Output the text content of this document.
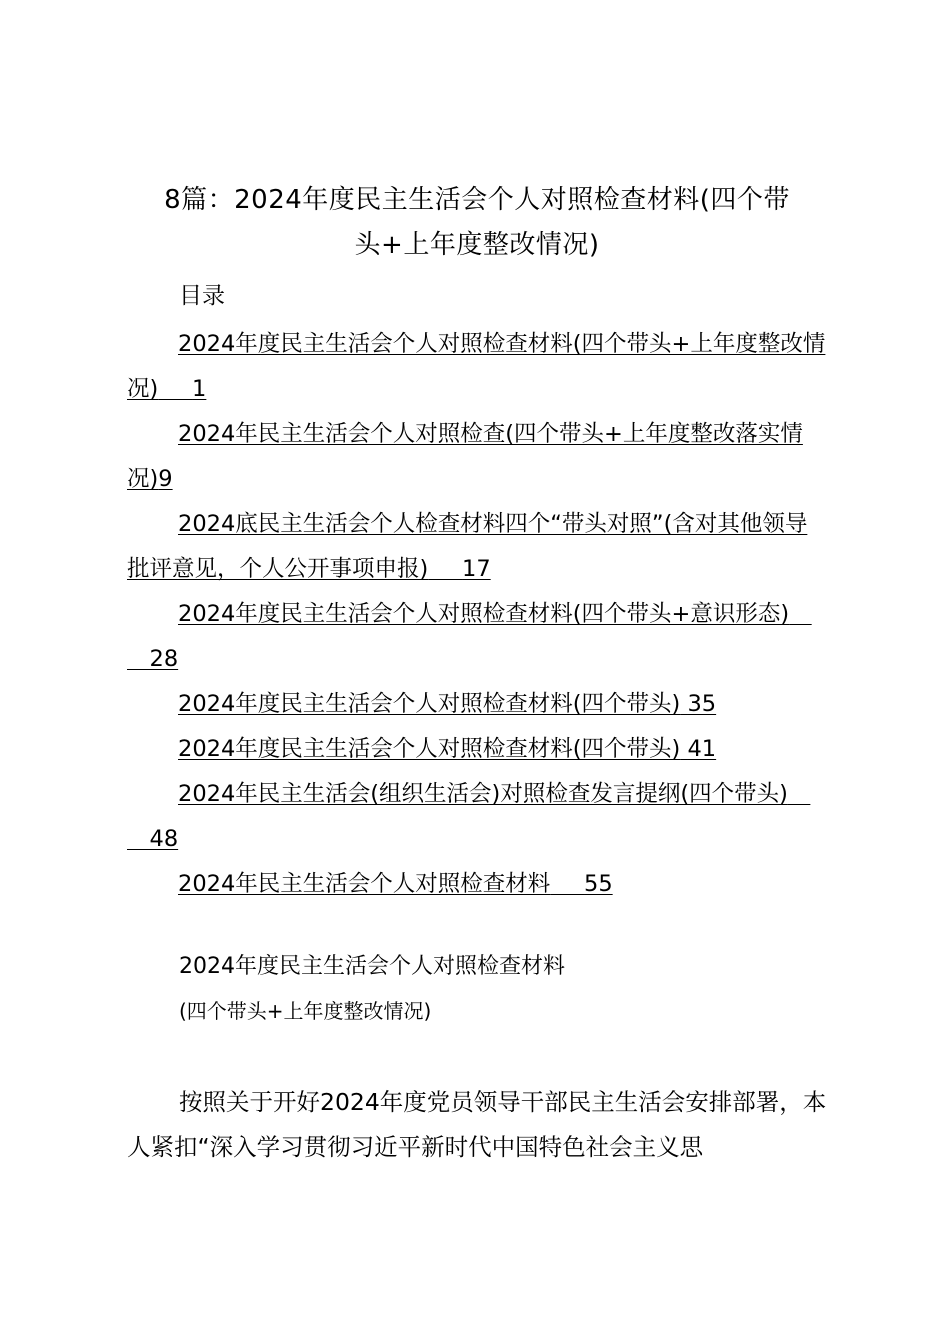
8篇：2024年度民主生活会个人对照检查材料(四个带
头+上年度整改情况)
目录
2024年度民主生活会个人对照检查材料(四个带头+上年度整改情况)   1
2024年民主生活会个人对照检查(四个带头+上年度整改落实情况)9
2024底民主生活会个人检查材料四个“带头对照”(含对其他领导批评意见，个人公开事项申报)   17
2024年度民主生活会个人对照检查材料(四个带头+意识形态)  28
2024年度民主生活会个人对照检查材料(四个带头) 35
2024年度民主生活会个人对照检查材料(四个带头) 41
2024年民主生活会(组织生活会)对照检查发言提纲(四个带头)  48
2024年民主生活会个人对照检查材料   55
2024年度民主生活会个人对照检查材料
(四个带头+上年度整改情况)

按照关于开好2024年度党员领导干部民主生活会安排部署，本人紧扣“深入学习贯彻习近平新时代中国特色社会主义思
